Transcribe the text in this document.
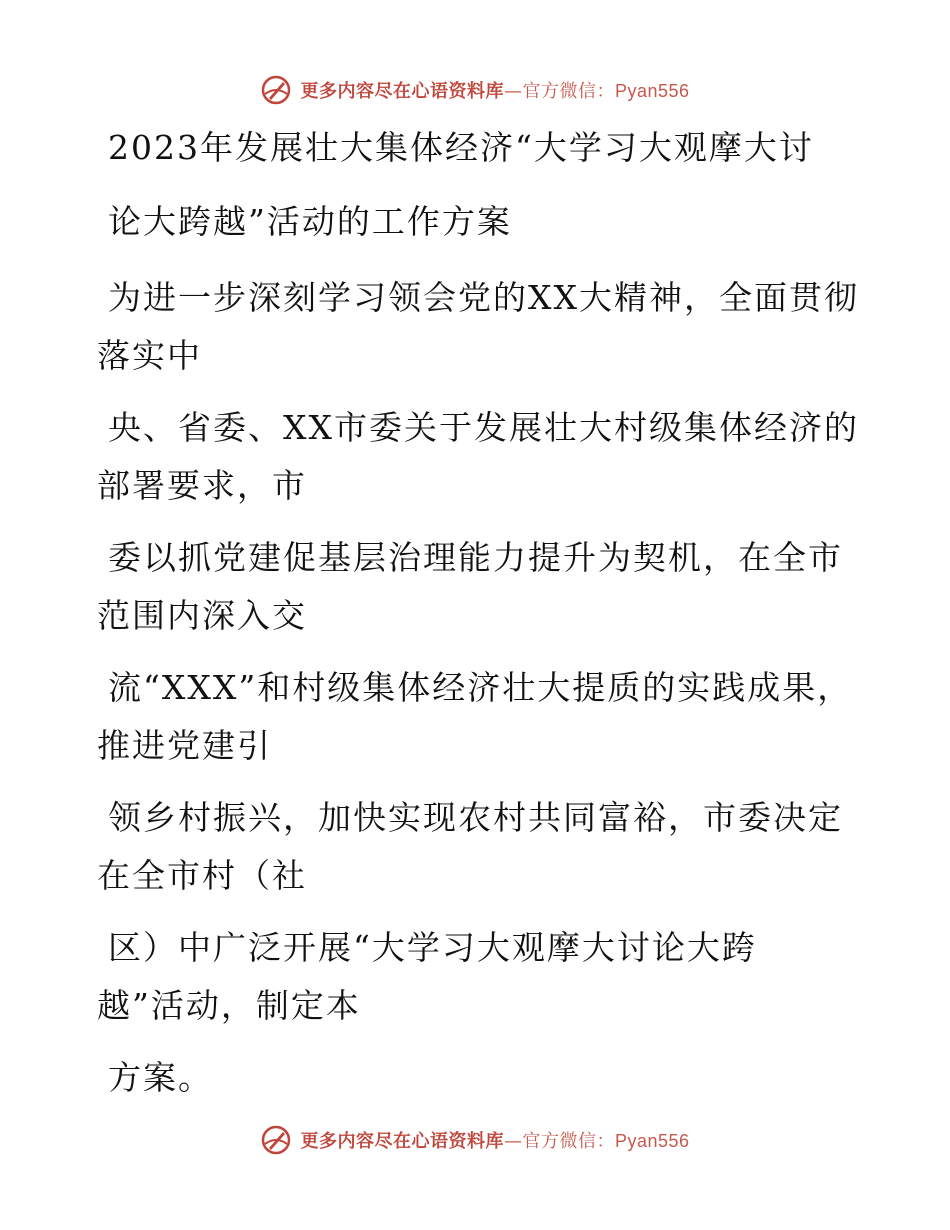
更多内容尽在心语资料库—官方微信：Pyan556
2023年发展壮大集体经济“大学习大观摩大讨
论大跨越”活动的工作方案
为进一步深刻学习领会党的XX大精神，全面贯彻
落实中
央、省委、XX市委关于发展壮大村级集体经济的
部署要求，市
委以抓党建促基层治理能力提升为契机，在全市
范围内深入交
流“XXX”和村级集体经济壮大提质的实践成果，
推进党建引
领乡村振兴，加快实现农村共同富裕，市委决定
在全市村（社
区）中广泛开展“大学习大观摩大讨论大跨
越”活动，制定本
方案。
更多内容尽在心语资料库—官方微信：Pyan556
